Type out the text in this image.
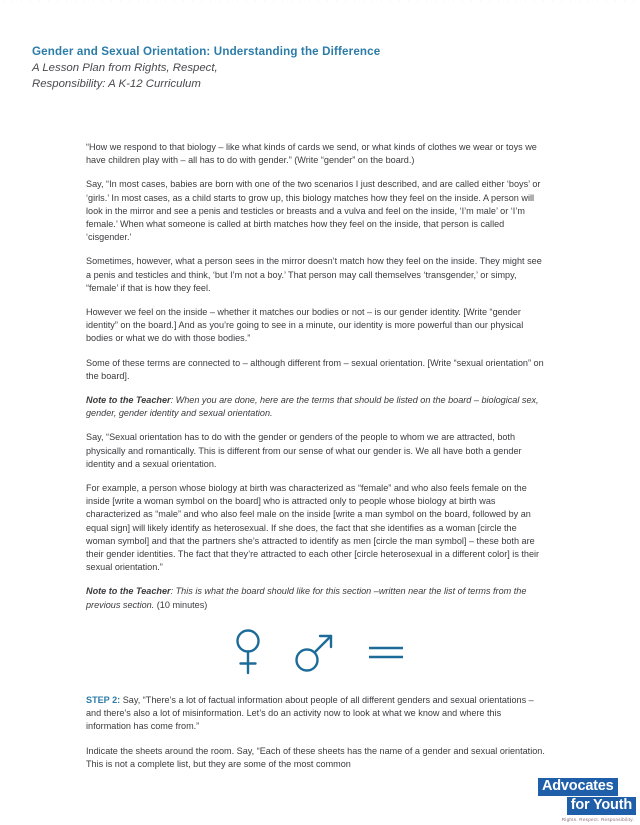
Gender and Sexual Orientation: Understanding the Difference
A Lesson Plan from Rights, Respect,
Responsibility: A K-12 Curriculum

“How we respond to that biology – like what kinds of cards we send, or what kinds of clothes we wear or toys we have children play with – all has to do with gender.” (Write “gender” on the board.)

Say, “In most cases, babies are born with one of the two scenarios I just described, and are called either ‘boys’ or ‘girls.’ In most cases, as a child starts to grow up, this biology matches how they feel on the inside. A person will look in the mirror and see a penis and testicles or breasts and a vulva and feel on the inside, ‘I’m male’ or ‘I’m female.’ When what someone is called at birth matches how they feel on the inside, that person is called ‘cisgender.’

Sometimes, however, what a person sees in the mirror doesn’t match how they feel on the inside. They might see a penis and testicles and think, ‘but I’m not a boy.’ That person may call themselves ‘transgender,’ or simpy, “female’ if that is how they feel.

However we feel on the inside – whether it matches our bodies or not – is our gender identity. [Write “gender identity” on the board.] And as you’re going to see in a minute, our identity is more powerful than our physical bodies or what we do with those bodies.”

Some of these terms are connected to – although different from – sexual orientation. [Write “sexual orientation” on the board].

Note to the Teacher: When you are done, here are the terms that should be listed on the board – biological sex, gender, gender identity and sexual orientation.

Say, “Sexual orientation has to do with the gender or genders of the people to whom we are attracted, both physically and romantically. This is different from our sense of what our gender is. We all have both a gender identity and a sexual orientation.

For example, a person whose biology at birth was characterized as “female” and who also feels female on the inside [write a woman symbol on the board] who is attracted only to people whose biology at birth was characterized as “male” and who also feel male on the inside [write a man symbol on the board, followed by an equal sign] will likely identify as heterosexual. If she does, the fact that she identifies as a woman [circle the woman symbol] and that the partners she’s attracted to identify as men [circle the man symbol] – these both are their gender identities. The fact that they’re attracted to each other [circle heterosexual in a different color] is their sexual orientation.”

Note to the Teacher: This is what the board should like for this section –written near the list of terms from the previous section. (10 minutes)

STEP 2: Say, “There’s a lot of factual information about people of all different genders and sexual orientations – and there’s also a lot of misinformation. Let’s do an activity now to look at what we know and where this information has come from.”

Indicate the sheets around the room. Say, “Each of these sheets has the name of a gender and sexual orientation. This is not a complete list, but they are some of the most common

Advocates
for Youth
Rights. Respect. Responsibility.
